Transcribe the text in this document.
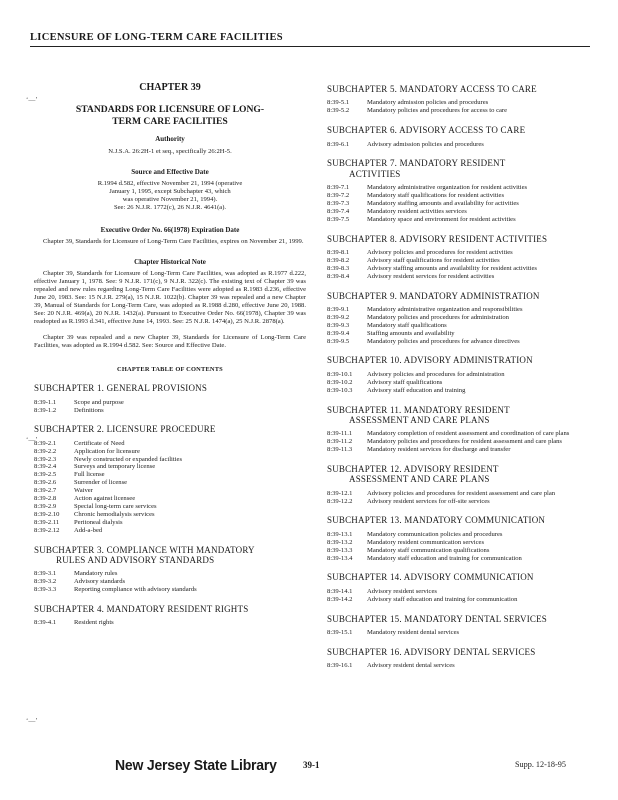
LICENSURE OF LONG-TERM CARE FACILITIES
CHAPTER 39
STANDARDS FOR LICENSURE OF LONG-
TERM CARE FACILITIES
Authority
N.J.S.A. 26:2H-1 et seq., specifically 26:2H-5.
Source and Effective Date
R.1994 d.582, effective November 21, 1994 (operative
January 1, 1995, except Subchapter 43, which
was operative November 21, 1994).
See: 26 N.J.R. 1772(c), 26 N.J.R. 4641(a).
Executive Order No. 66(1978) Expiration Date

Chapter 39, Standards for Licensure of Long-Term Care Facilities, expires on November 21, 1999.

Chapter Historical Note

Chapter 39, Standards for Licensure of Long-Term Care Facilities, was adopted as R.1977 d.222, effective January 1, 1978. See: 9 N.J.R. 171(c), 9 N.J.R. 322(c). The existing text of Chapter 39 was repealed and new rules regarding Long-Term Care Facilities were adopted as R.1983 d.236, effective June 20, 1983. See: 15 N.J.R. 279(a), 15 N.J.R. 1022(b). Chapter 39 was repealed and a new Chapter 39, Manual of Standards for Long-Term Care, was adopted as R.1988 d.280, effective June 20, 1988. See: 20 N.J.R. 469(a), 20 N.J.R. 1432(a). Pursuant to Executive Order No. 66(1978), Chapter 39 was readopted as R.1993 d.341, effective June 14, 1993. See: 25 N.J.R. 1474(a), 25 N.J.R. 2878(a).

Chapter 39 was repealed and a new Chapter 39, Standards for Licensure of Long-Term Care Facilities, was adopted as R.1994 d.582. See: Source and Effective Date.

CHAPTER TABLE OF CONTENTS
SUBCHAPTER 1. GENERAL PROVISIONS
8:39-1.1	Scope and purpose
8:39-1.2	Definitions
SUBCHAPTER 2. LICENSURE PROCEDURE
8:39-2.1	Certificate of Need
8:39-2.2	Application for licensure
8:39-2.3	Newly constructed or expanded facilities
8:39-2.4	Surveys and temporary license
8:39-2.5	Full license
8:39-2.6	Surrender of license
8:39-2.7	Waiver
8:39-2.8	Action against licensee
8:39-2.9	Special long-term care services
8:39-2.10	Chronic hemodialysis services
8:39-2.11	Peritoneal dialysis
8:39-2.12	Add-a-bed
SUBCHAPTER 3. COMPLIANCE WITH MANDATORY
RULES AND ADVISORY STANDARDS
8:39-3.1	Mandatory rules
8:39-3.2	Advisory standards
8:39-3.3	Reporting compliance with advisory standards
SUBCHAPTER 4. MANDATORY RESIDENT RIGHTS
8:39-4.1	Resident rights
SUBCHAPTER 5. MANDATORY ACCESS TO CARE
8:39-5.1	Mandatory admission policies and procedures
8:39-5.2	Mandatory policies and procedures for access to care
SUBCHAPTER 6. ADVISORY ACCESS TO CARE
8:39-6.1	Advisory admission policies and procedures
SUBCHAPTER 7. MANDATORY RESIDENT
ACTIVITIES
8:39-7.1	Mandatory administrative organization for resident activities
8:39-7.2	Mandatory staff qualifications for resident activities
8:39-7.3	Mandatory staffing amounts and availability for activities
8:39-7.4	Mandatory resident activities services
8:39-7.5	Mandatory space and environment for resident activities
SUBCHAPTER 8. ADVISORY RESIDENT ACTIVITIES
8:39-8.1	Advisory policies and procedures for resident activities
8:39-8.2	Advisory staff qualifications for resident activities
8:39-8.3	Advisory staffing amounts and availability for resident activities
8:39-8.4	Advisory resident services for resident activities
SUBCHAPTER 9. MANDATORY ADMINISTRATION
8:39-9.1	Mandatory administrative organization and responsibilities
8:39-9.2	Mandatory policies and procedures for administration
8:39-9.3	Mandatory staff qualifications
8:39-9.4	Staffing amounts and availability
8:39-9.5	Mandatory policies and procedures for advance directives
SUBCHAPTER 10. ADVISORY ADMINISTRATION
8:39-10.1	Advisory policies and procedures for administration
8:39-10.2	Advisory staff qualifications
8:39-10.3	Advisory staff education and training
SUBCHAPTER 11. MANDATORY RESIDENT
ASSESSMENT AND CARE PLANS
8:39-11.1	Mandatory completion of resident assessment and coordination of care plans
8:39-11.2	Mandatory policies and procedures for resident assessment and care plans
8:39-11.3	Mandatory resident services for discharge and transfer
SUBCHAPTER 12. ADVISORY RESIDENT
ASSESSMENT AND CARE PLANS
8:39-12.1	Advisory policies and procedures for resident assessment and care plan
8:39-12.2	Advisory resident services for off-site services
SUBCHAPTER 13. MANDATORY COMMUNICATION
8:39-13.1	Mandatory communication policies and procedures
8:39-13.2	Mandatory resident communication services
8:39-13.3	Mandatory staff communication qualifications
8:39-13.4	Mandatory staff education and training for communication
SUBCHAPTER 14. ADVISORY COMMUNICATION
8:39-14.1	Advisory resident services
8:39-14.2	Advisory staff education and training for communication
SUBCHAPTER 15. MANDATORY DENTAL SERVICES
8:39-15.1	Mandatory resident dental services
SUBCHAPTER 16. ADVISORY DENTAL SERVICES
8:39-16.1	Advisory resident dental services
‘—’
‘—’
‘—’
New Jersey State Library	39-1	Supp. 12-18-95
